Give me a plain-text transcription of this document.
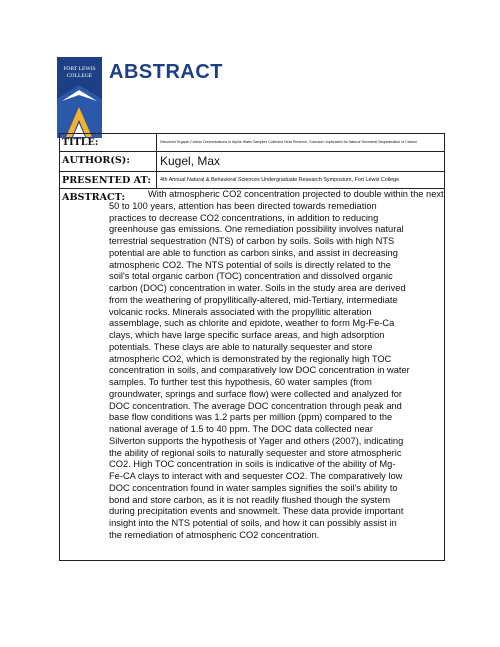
FORT LEWIS COLLEGE ABSTRACT
TITLE:	Dissolved Organic Carbon Concentrations in Alpine Water Samples Collected Near Silverton, Colorado: Implication for Natural Terrestrial Sequestration of Carbon
AUTHOR(S):	Kugel, Max
PRESENTED AT:	4th Annual Natural & Behavioral Sciences Undergraduate Research Symposium, Fort Lewis College
ABSTRACT:	With atmospheric CO2 concentration projected to double within the next
50 to 100 years, attention has been directed towards remediation
practices to decrease CO2 concentrations, in addition to reducing
greenhouse gas emissions. One remediation possibility involves natural
terrestrial sequestration (NTS) of carbon by soils. Soils with high NTS
potential are able to function as carbon sinks, and assist in decreasing
atmospheric CO2. The NTS potential of soils is directly related to the
soil's total organic carbon (TOC) concentration and dissolved organic
carbon (DOC) concentration in water. Soils in the study area are derived
from the weathering of propyllitically-altered, mid-Tertiary, intermediate
volcanic rocks. Minerals associated with the propyllitic alteration
assemblage, such as chlorite and epidote, weather to form Mg-Fe-Ca
clays, which have large specific surface areas, and high adsorption
potentials. These clays are able to naturally sequester and store
atmospheric CO2, which is demonstrated by the regionally high TOC
concentration in soils, and comparatively low DOC concentration in water
samples. To further test this hypothesis, 60 water samples (from
groundwater, springs and surface flow) were collected and analyzed for
DOC concentration. The average DOC concentration through peak and
base flow conditions was 1.2 parts per million (ppm) compared to the
national average of 1.5 to 40 ppm. The DOC data collected near
Silverton supports the hypothesis of Yager and others (2007), indicating
the ability of regional soils to naturally sequester and store atmospheric
CO2. High TOC concentration in soils is indicative of the ability of Mg-
Fe-CA clays to interact with and sequester CO2. The comparatively low
DOC concentration found in water samples signifies the soil's ability to
bond and store carbon, as it is not readily flushed though the system
during precipitation events and snowmelt. These data provide important
insight into the NTS potential of soils, and how it can possibly assist in
the remediation of atmospheric CO2 concentration.
